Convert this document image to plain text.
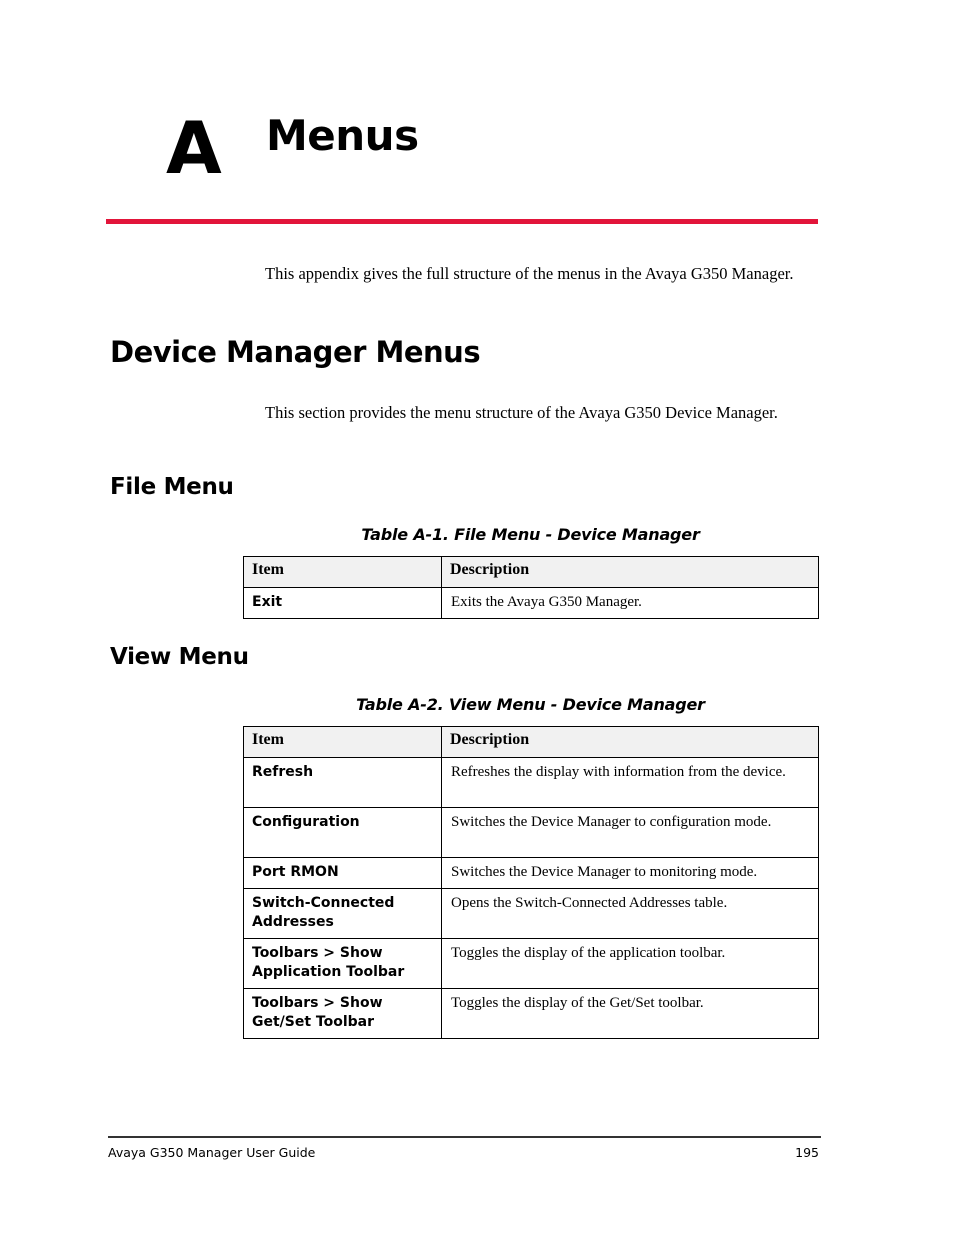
A Menus
This appendix gives the full structure of the menus in the Avaya G350 Manager.
Device Manager Menus
This section provides the menu structure of the Avaya G350 Device Manager.
File Menu
Table A-1. File Menu - Device Manager
Item	Description
Exit	Exits the Avaya G350 Manager.
View Menu
Table A-2. View Menu - Device Manager
Item	Description
Refresh	Refreshes the display with information from the device.
Configuration	Switches the Device Manager to configuration mode.
Port RMON	Switches the Device Manager to monitoring mode.
Switch-Connected Addresses	Opens the Switch-Connected Addresses table.
Toolbars > Show Application Toolbar	Toggles the display of the application toolbar.
Toolbars > Show Get/Set Toolbar	Toggles the display of the Get/Set toolbar.
Avaya G350 Manager User Guide	195
